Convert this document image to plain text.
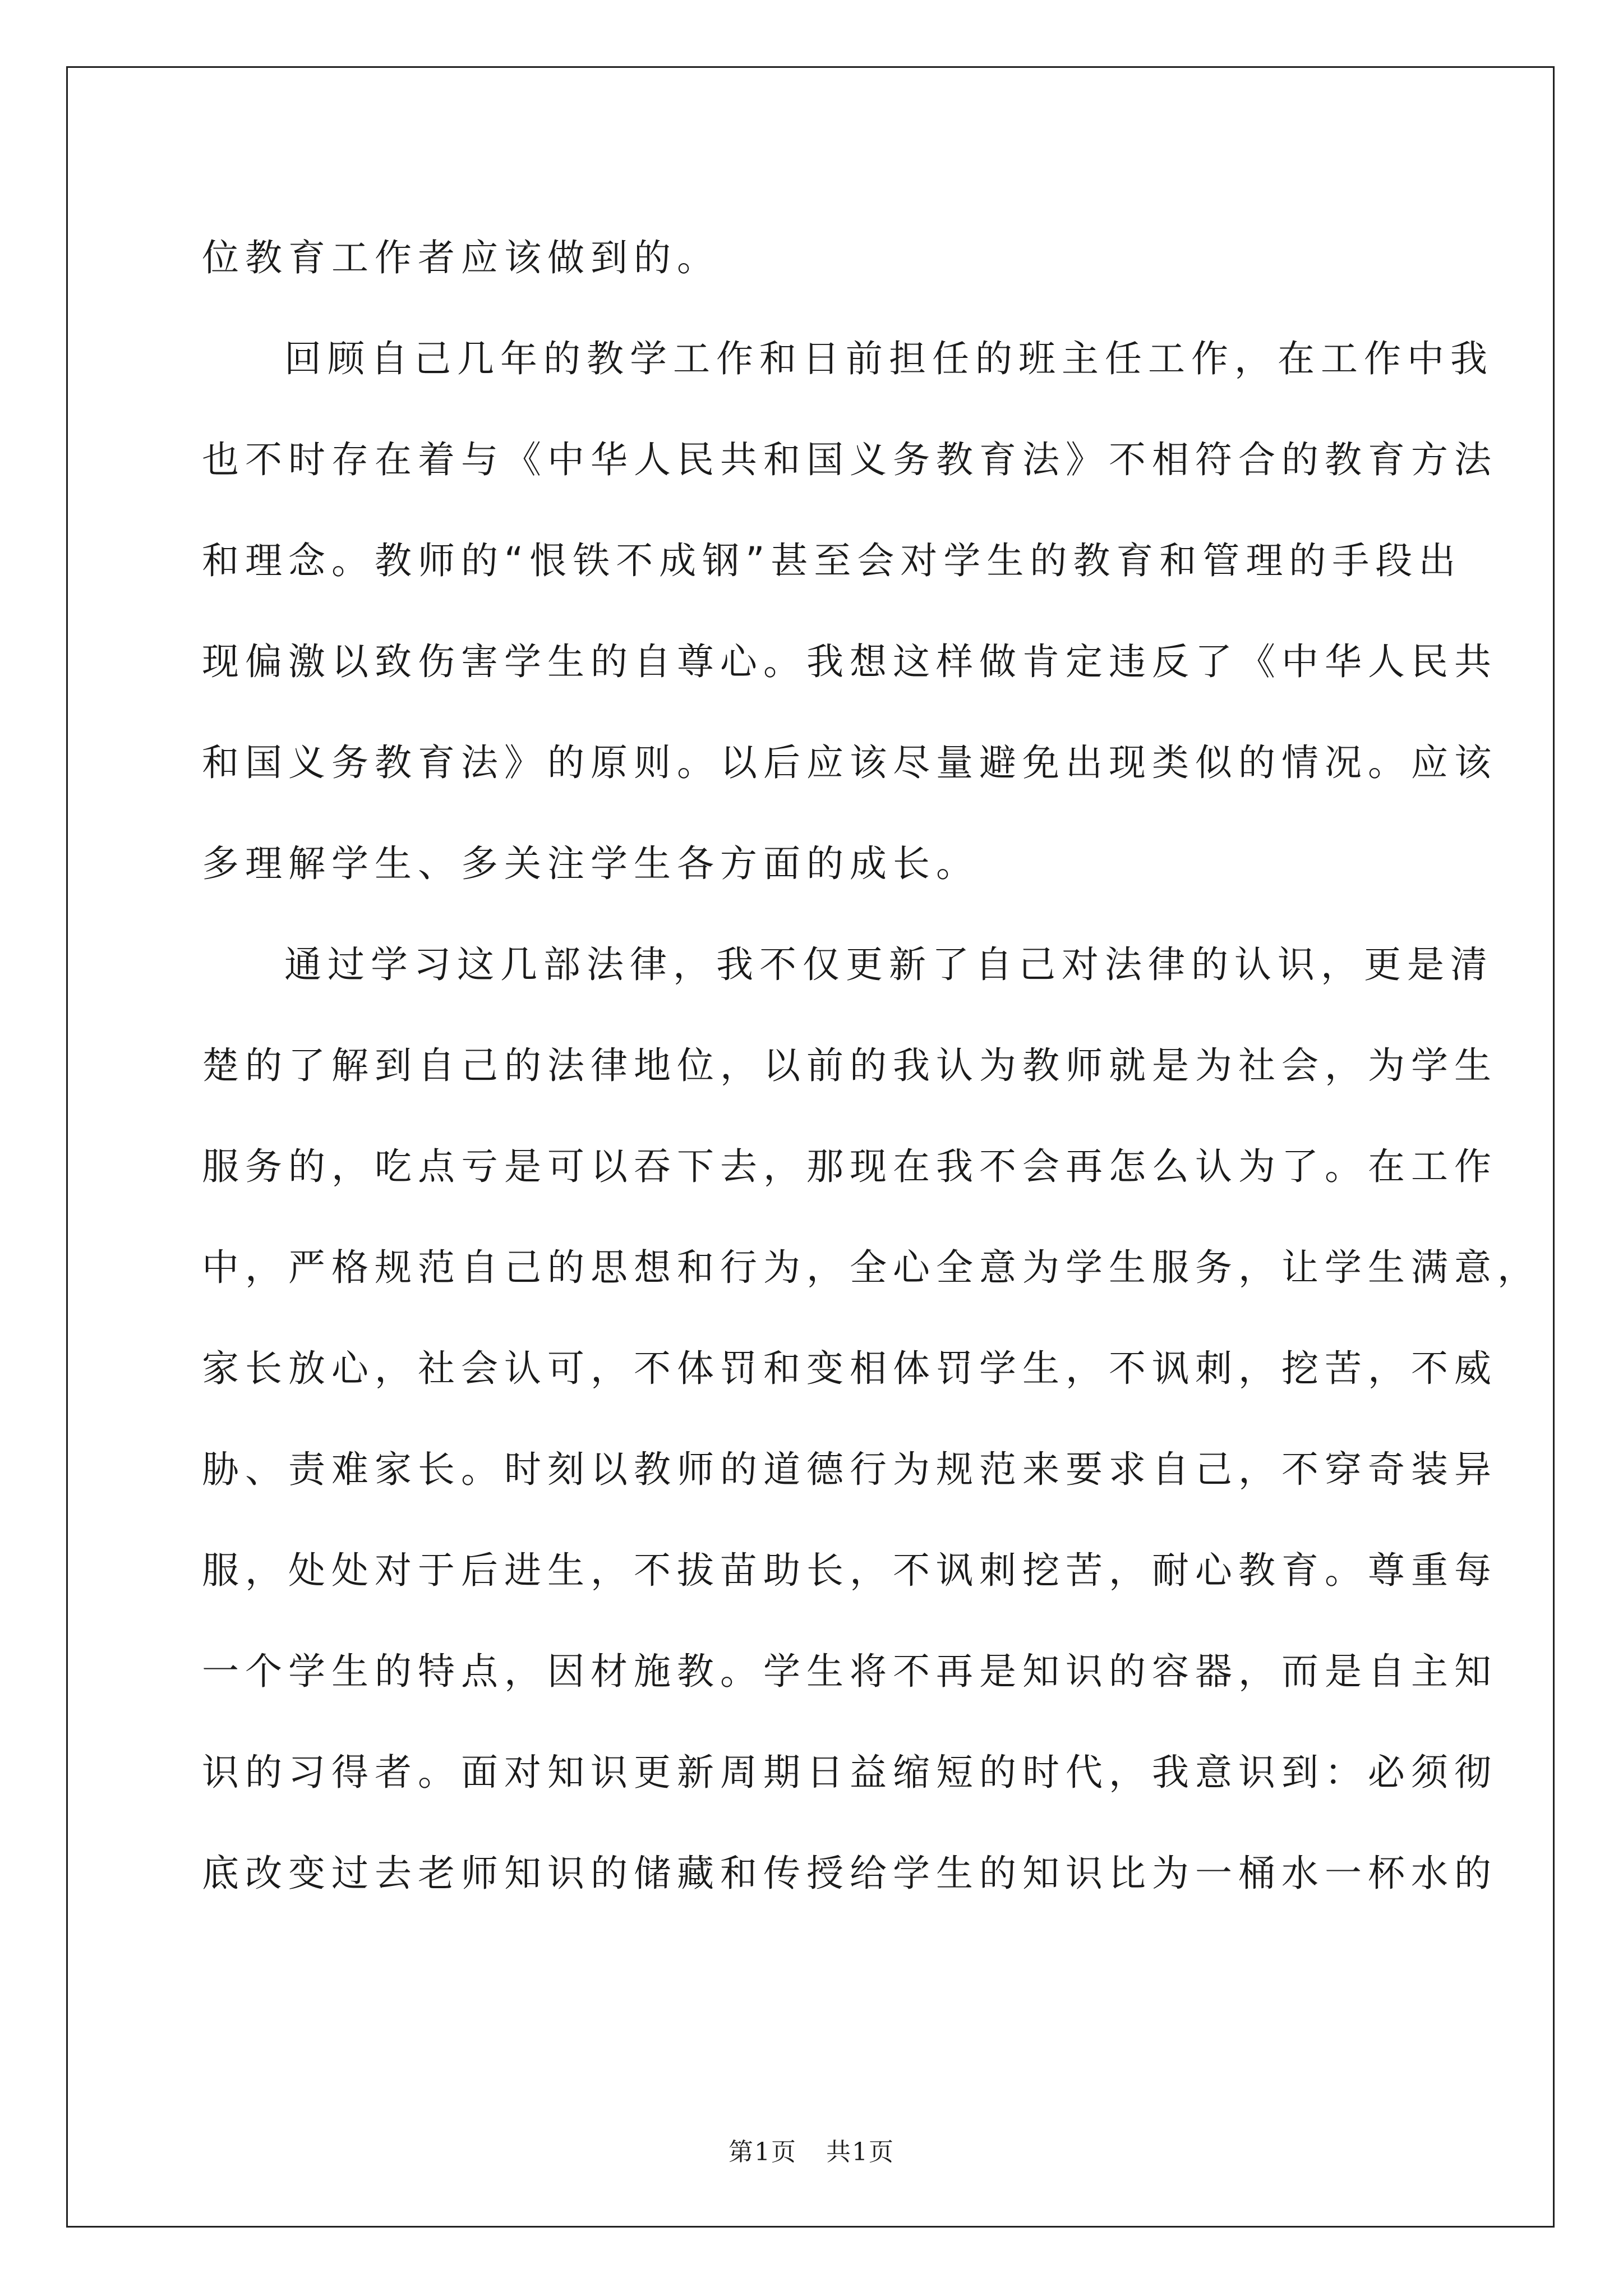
位教育工作者应该做到的。
回顾自己几年的教学工作和日前担任的班主任工作，在工作中我
也不时存在着与《中华人民共和国义务教育法》不相符合的教育方法
和理念。教师的“恨铁不成钢”甚至会对学生的教育和管理的手段出
现偏激以致伤害学生的自尊心。我想这样做肯定违反了《中华人民共
和国义务教育法》的原则。以后应该尽量避免出现类似的情况。应该
多理解学生、多关注学生各方面的成长。
通过学习这几部法律，我不仅更新了自己对法律的认识，更是清
楚的了解到自己的法律地位，以前的我认为教师就是为社会，为学生
服务的，吃点亏是可以吞下去，那现在我不会再怎么认为了。在工作
中，严格规范自己的思想和行为，全心全意为学生服务，让学生满意，
家长放心，社会认可，不体罚和变相体罚学生，不讽刺，挖苦，不威
胁、责难家长。时刻以教师的道德行为规范来要求自己，不穿奇装异
服，处处对于后进生，不拔苗助长，不讽刺挖苦，耐心教育。尊重每
一个学生的特点，因材施教。学生将不再是知识的容器，而是自主知
识的习得者。面对知识更新周期日益缩短的时代，我意识到：必须彻
底改变过去老师知识的储藏和传授给学生的知识比为一桶水一杯水的
第1页 共1页
